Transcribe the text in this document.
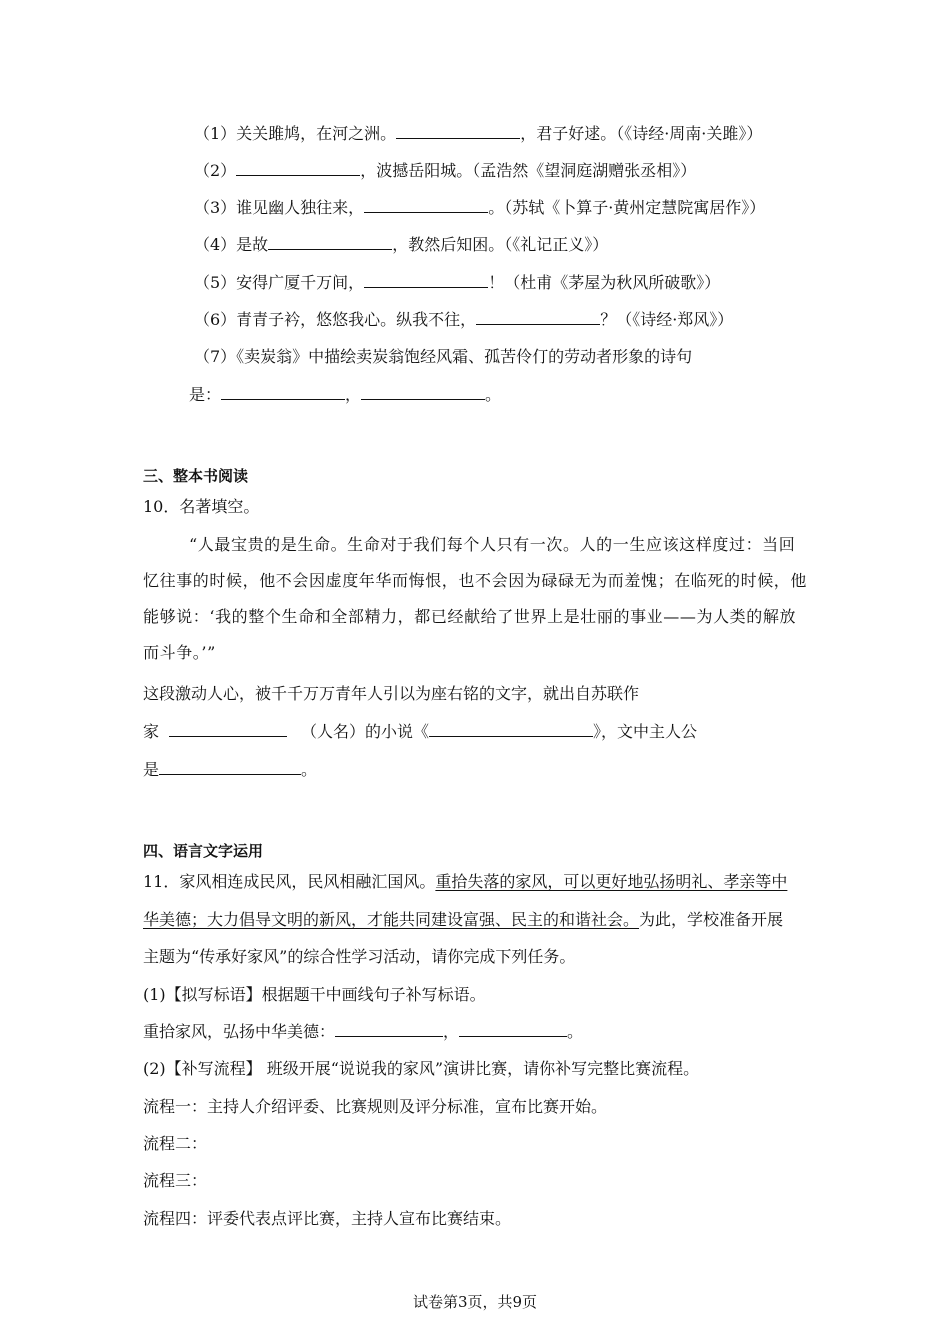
（1）关关雎鸠，在河之洲。	，君子好逑。（《诗经·周南·关雎》）
（2）	，波撼岳阳城。（孟浩然《望洞庭湖赠张丞相》）
（3）谁见幽人独往来，	。（苏轼《卜算子·黄州定慧院寓居作》）
（4）是故	，教然后知困。（《礼记正义》）
（5）安得广厦千万间，	！（杜甫《茅屋为秋风所破歌》）
（6）青青子衿，悠悠我心。纵我不往，	？（《诗经·郑风》）
（7）《卖炭翁》中描绘卖炭翁饱经风霜、孤苦伶仃的劳动者形象的诗句
是：	，	。
三、整本书阅读
10．名著填空。
“人最宝贵的是生命。生命对于我们每个人只有一次。人的一生应该这样度过：当回
忆往事的时候，他不会因虚度年华而悔恨，也不会因为碌碌无为而羞愧；在临死的时候，他
能够说：‘我的整个生命和全部精力，都已经献给了世界上是壮丽的事业——为人类的解放
而斗争。’”
这段激动人心，被千千万万青年人引以为座右铭的文字，就出自苏联作
家	（人名）的小说《	》，文中主人公
是	。
四、语言文字运用
11．家风相连成民风，民风相融汇国风。重拾失落的家风，可以更好地弘扬明礼、孝亲等中
华美德；大力倡导文明的新风，才能共同建设富强、民主的和谐社会。为此，学校准备开展
主题为“传承好家风”的综合性学习活动，请你完成下列任务。
(1)【拟写标语】根据题干中画线句子补写标语。
重拾家风，弘扬中华美德：	，	。
(2)【补写流程】 班级开展“说说我的家风”演讲比赛，请你补写完整比赛流程。
流程一：主持人介绍评委、比赛规则及评分标准，宣布比赛开始。
流程二：
流程三：
流程四：评委代表点评比赛，主持人宣布比赛结束。
试卷第3页，共9页
